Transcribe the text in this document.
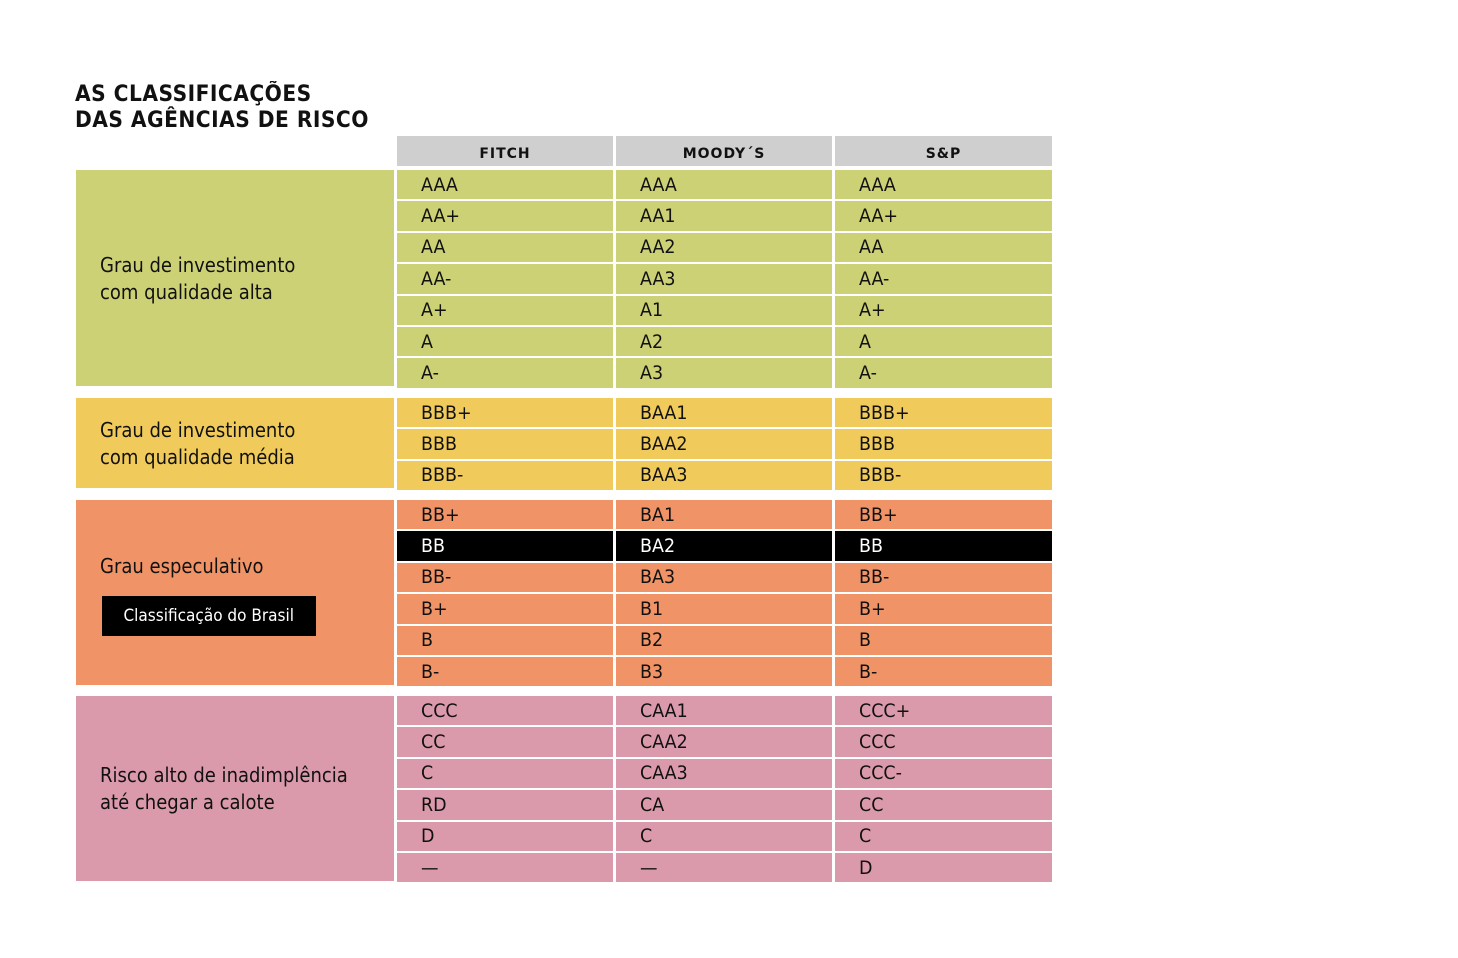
AS CLASSIFICAÇÕES
DAS AGÊNCIAS DE RISCO
FITCH	MOODY´S	S&P
Grau de investimento
com qualidade alta
AAA	AAA	AAA
AA+	AA1	AA+
AA	AA2	AA
AA-	AA3	AA-
A+	A1	A+
A	A2	A
A-	A3	A-
Grau de investimento
com qualidade média
BBB+	BAA1	BBB+
BBB	BAA2	BBB
BBB-	BAA3	BBB-
Grau especulativo
BB+	BA1	BB+
BB	BA2	BB
BB-	BA3	BB-
B+	B1	B+
B	B2	B
B-	B3	B-
Risco alto de inadimplência
até chegar a calote
CCC	CAA1	CCC+
CC	CAA2	CCC
C	CAA3	CCC-
RD	CA	CC
D	C	C
—	—	D
Classificação do Brasil
